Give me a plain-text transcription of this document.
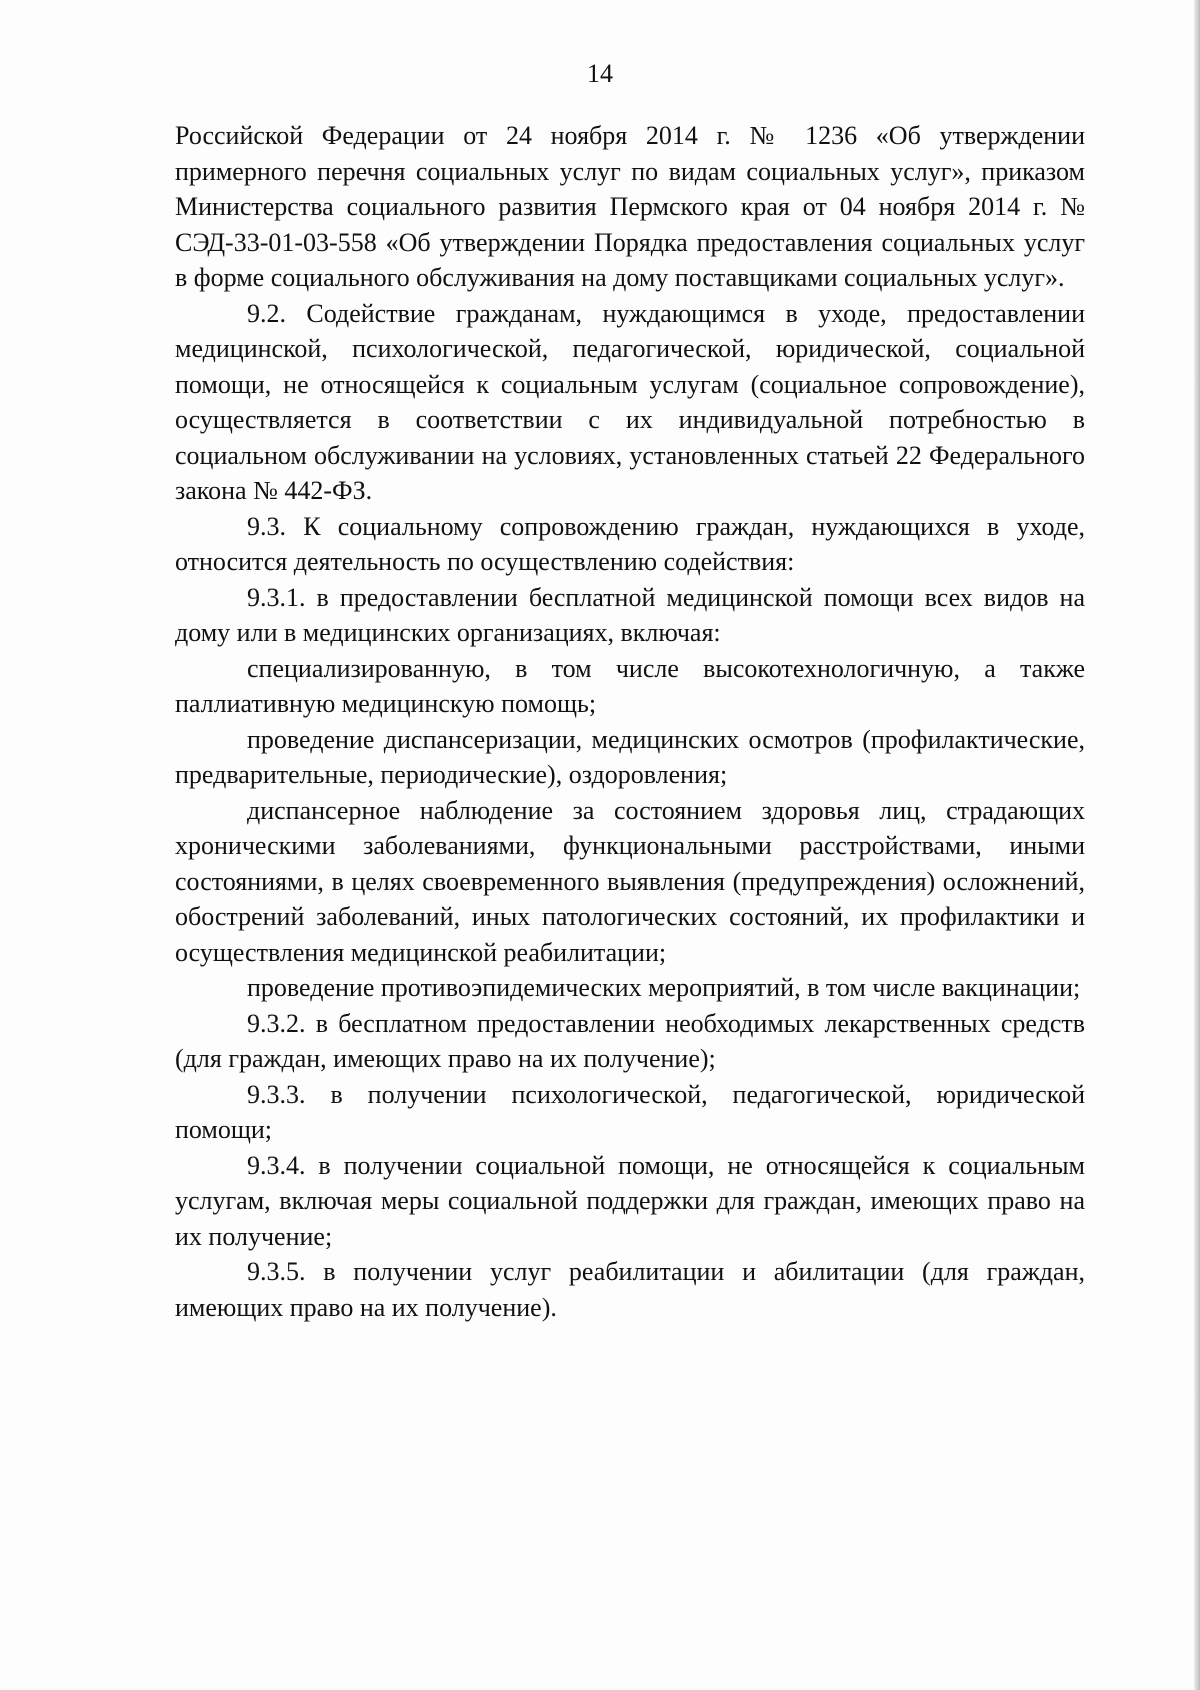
14

Российской Федерации от 24 ноября 2014 г. № 1236 «Об утверждении примерного перечня социальных услуг по видам социальных услуг», приказом Министерства социального развития Пермского края от 04 ноября 2014 г. № СЭД-33-01-03-558 «Об утверждении Порядка предоставления социальных услуг в форме социального обслуживания на дому поставщиками социальных услуг».

9.2. Содействие гражданам, нуждающимся в уходе, предоставлении медицинской, психологической, педагогической, юридической, социальной помощи, не относящейся к социальным услугам (социальное сопровождение), осуществляется в соответствии с их индивидуальной потребностью в социальном обслуживании на условиях, установленных статьей 22 Федерального закона № 442-ФЗ.

9.3. К социальному сопровождению граждан, нуждающихся в уходе, относится деятельность по осуществлению содействия:

9.3.1. в предоставлении бесплатной медицинской помощи всех видов на дому или в медицинских организациях, включая:

специализированную, в том числе высокотехнологичную, а также паллиативную медицинскую помощь;

проведение диспансеризации, медицинских осмотров (профилактические, предварительные, периодические), оздоровления;

диспансерное наблюдение за состоянием здоровья лиц, страдающих хроническими заболеваниями, функциональными расстройствами, иными состояниями, в целях своевременного выявления (предупреждения) осложнений, обострений заболеваний, иных патологических состояний, их профилактики и осуществления медицинской реабилитации;

проведение противоэпидемических мероприятий, в том числе вакцинации;

9.3.2. в бесплатном предоставлении необходимых лекарственных средств (для граждан, имеющих право на их получение);

9.3.3. в получении психологической, педагогической, юридической помощи;

9.3.4. в получении социальной помощи, не относящейся к социальным услугам, включая меры социальной поддержки для граждан, имеющих право на их получение;

9.3.5. в получении услуг реабилитации и абилитации (для граждан, имеющих право на их получение).
